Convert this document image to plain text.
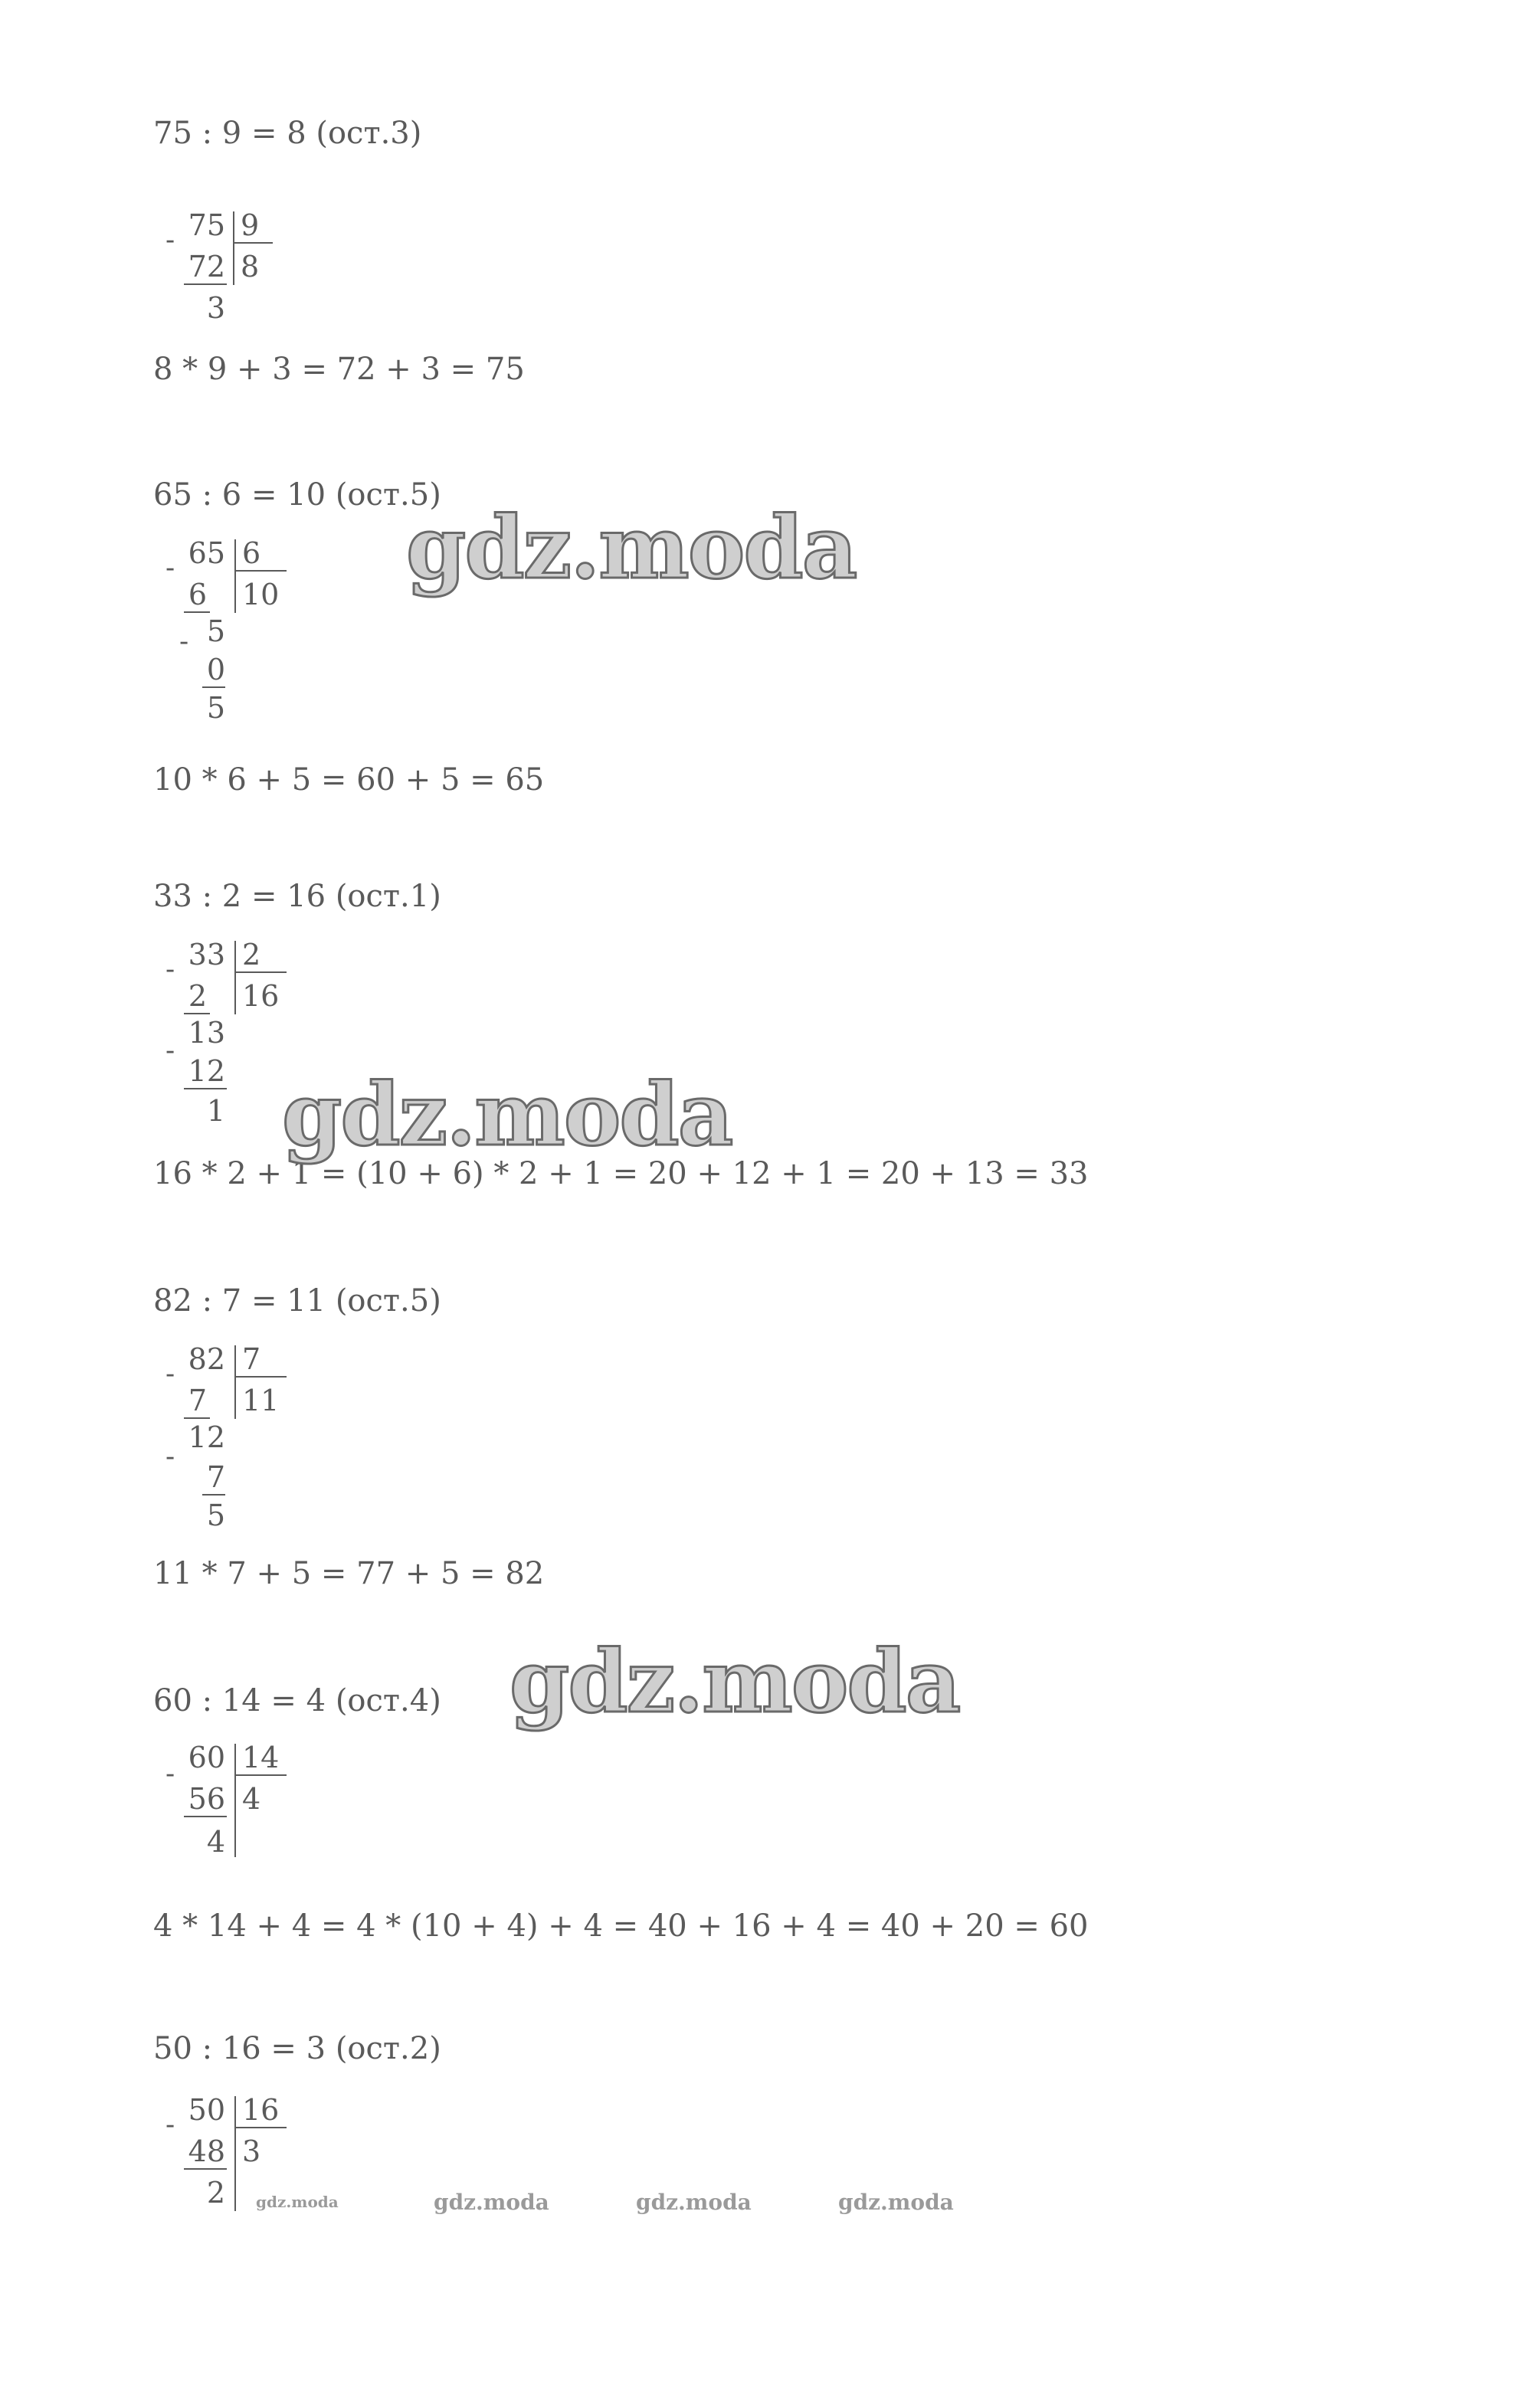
75 : 9 = 8 (ост.3)
- 75
72
3
9
8
8 * 9 + 3 = 72 + 3 = 75
65 : 6 = 10 (ост.5)
- 65
6
- 5
0
5
6
10
10 * 6 + 5 = 60 + 5 = 65
33 : 2 = 16 (ост.1)
- 33
2
-
13
12
1
2
16
16 * 2 + 1 = (10 + 6) * 2 + 1 = 20 + 12 + 1 = 20 + 13 = 33
82 : 7 = 11 (ост.5)
- 82
7
-
12
7
5
7
11
11 * 7 + 5 = 77 + 5 = 82
60 : 14 = 4 (ост.4)
- 60
56
4
14
4
4 * 14 + 4 = 4 * (10 + 4) + 4 = 40 + 16 + 4 = 40 + 20 = 60
50 : 16 = 3 (ост.2)
- 50
48
2
16
3
gdz.moda
gdz.moda
gdz.moda
gdz.moda	gdz.moda	gdz.moda	gdz.moda
